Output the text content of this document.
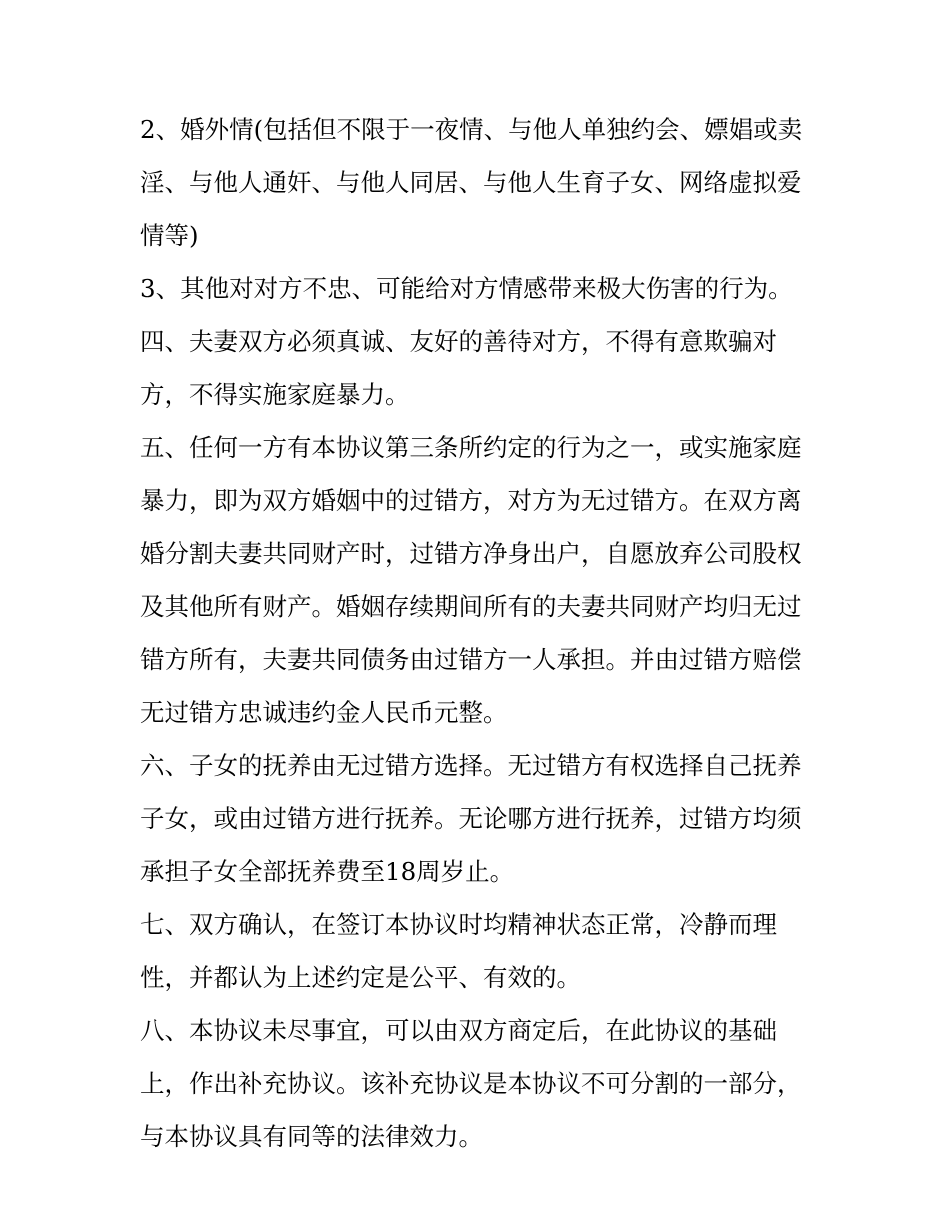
2、婚外情(包括但不限于一夜情、与他人单独约会、嫖娼或卖
淫、与他人通奸、与他人同居、与他人生育子女、网络虚拟爱
情等)

3、其他对对方不忠、可能给对方情感带来极大伤害的行为。

四、夫妻双方必须真诚、友好的善待对方，不得有意欺骗对
方，不得实施家庭暴力。

五、任何一方有本协议第三条所约定的行为之一，或实施家庭
暴力，即为双方婚姻中的过错方，对方为无过错方。在双方离
婚分割夫妻共同财产时，过错方净身出户，自愿放弃公司股权
及其他所有财产。婚姻存续期间所有的夫妻共同财产均归无过
错方所有，夫妻共同债务由过错方一人承担。并由过错方赔偿
无过错方忠诚违约金人民币元整。

六、子女的抚养由无过错方选择。无过错方有权选择自己抚养
子女，或由过错方进行抚养。无论哪方进行抚养，过错方均须
承担子女全部抚养费至18周岁止。

七、双方确认，在签订本协议时均精神状态正常，冷静而理
性，并都认为上述约定是公平、有效的。

八、本协议未尽事宜，可以由双方商定后，在此协议的基础
上，作出补充协议。该补充协议是本协议不可分割的一部分，
与本协议具有同等的法律效力。
